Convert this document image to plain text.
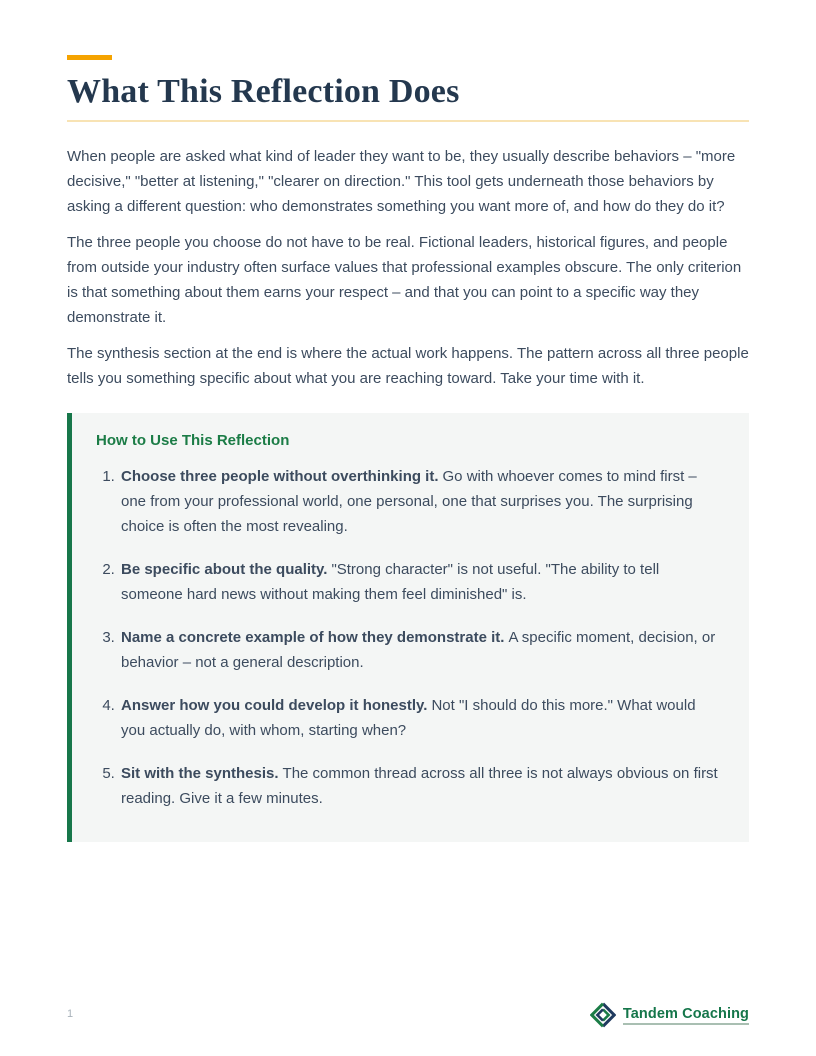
What This Reflection Does

When people are asked what kind of leader they want to be, they usually describe behaviors – "more decisive," "better at listening," "clearer on direction." This tool gets underneath those behaviors by asking a different question: who demonstrates something you want more of, and how do they do it?

The three people you choose do not have to be real. Fictional leaders, historical figures, and people from outside your industry often surface values that professional examples obscure. The only criterion is that something about them earns your respect – and that you can point to a specific way they demonstrate it.

The synthesis section at the end is where the actual work happens. The pattern across all three people tells you something specific about what you are reaching toward. Take your time with it.

How to Use This Reflection

1. Choose three people without overthinking it. Go with whoever comes to mind first – one from your professional world, one personal, one that surprises you. The surprising choice is often the most revealing.
2. Be specific about the quality. "Strong character" is not useful. "The ability to tell someone hard news without making them feel diminished" is.
3. Name a concrete example of how they demonstrate it. A specific moment, decision, or behavior – not a general description.
4. Answer how you could develop it honestly. Not "I should do this more." What would you actually do, with whom, starting when?
5. Sit with the synthesis. The common thread across all three is not always obvious on first reading. Give it a few minutes.
1	Tandem Coaching
